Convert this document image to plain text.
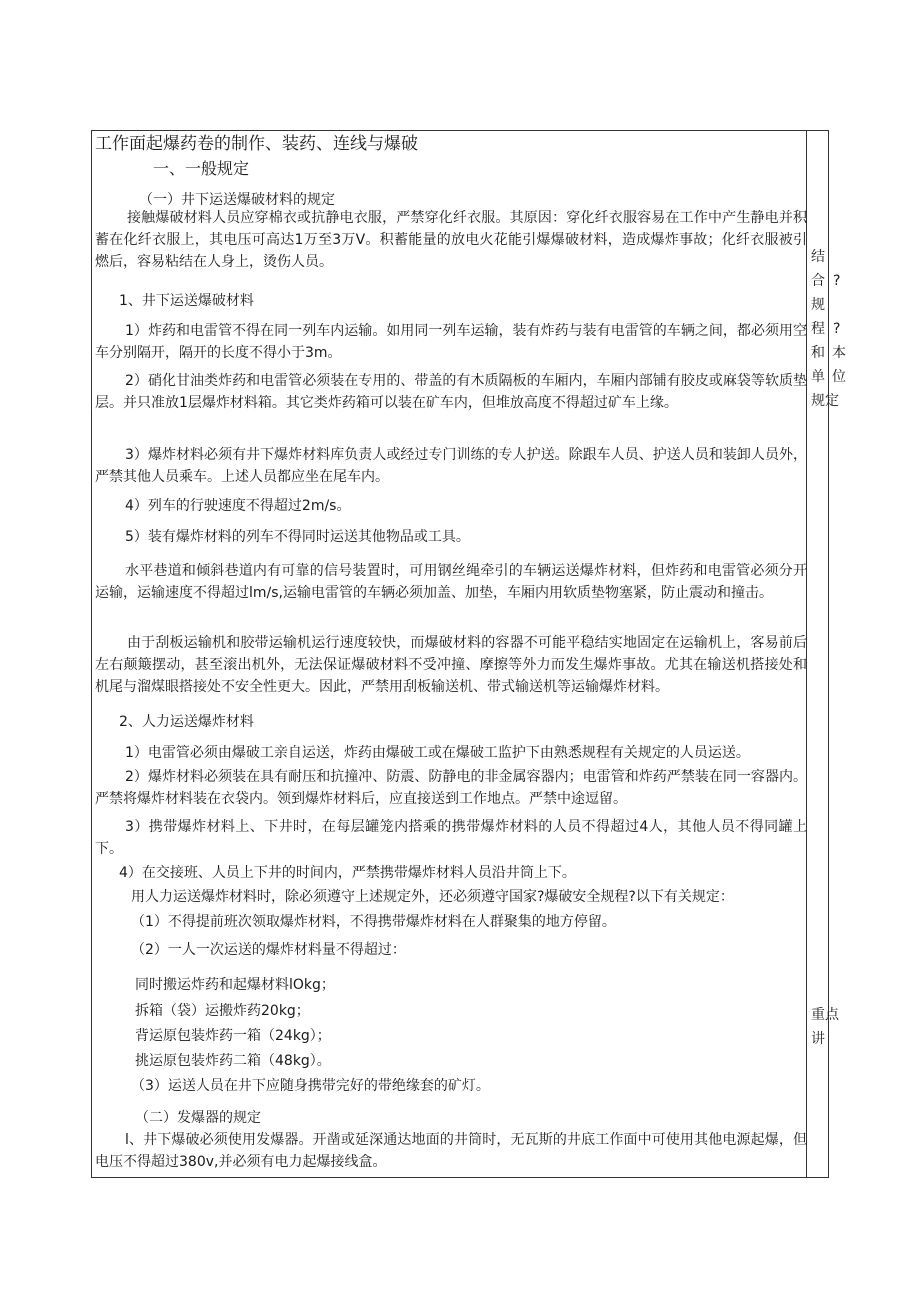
工作面起爆药卷的制作、装药、连线与爆破
一、一般规定
（一）井下运送爆破材料的规定
接触爆破材料人员应穿棉衣或抗静电衣服，严禁穿化纤衣服。其原因：穿化纤衣服容易在工作中产生静电并积蓄在化纤衣服上，其电压可高达1万至3万V。积蓄能量的放电火花能引爆爆破材料，造成爆炸事故；化纤衣服被引燃后，容易粘结在人身上，烫伤人员。
1、井下运送爆破材料
1）炸药和电雷管不得在同一列车内运输。如用同一列车运输，装有炸药与装有电雷管的车辆之间，都必须用空车分别隔开，隔开的长度不得小于3m。
2）硝化甘油类炸药和电雷管必须装在专用的、带盖的有木质隔板的车厢内，车厢内部铺有胶皮或麻袋等软质垫层。并只准放1层爆炸材料箱。其它类炸药箱可以装在矿车内，但堆放高度不得超过矿车上缘。
3）爆炸材料必须有井下爆炸材料库负责人或经过专门训练的专人护送。除跟车人员、护送人员和装卸人员外，严禁其他人员乘车。上述人员都应坐在尾车内。
4）列车的行驶速度不得超过2m/s。
5）装有爆炸材料的列车不得同时运送其他物品或工具。
水平巷道和倾斜巷道内有可靠的信号装置时，可用钢丝绳牵引的车辆运送爆炸材料，但炸药和电雷管必须分开运输，运输速度不得超过lm∕s,运输电雷管的车辆必须加盖、加垫，车厢内用软质垫物塞紧，防止震动和撞击。
由于刮板运输机和胶带运输机运行速度较快，而爆破材料的容器不可能平稳结实地固定在运输机上，客易前后左右颠簸摆动，甚至滚出机外，无法保证爆破材料不受冲撞、摩擦等外力而发生爆炸事故。尤其在输送机搭接处和机尾与溜煤眼搭接处不安全性更大。因此，严禁用刮板输送机、带式输送机等运输爆炸材料。
2、人力运送爆炸材料
1）电雷管必须由爆破工亲自运送，炸药由爆破工或在爆破工监护下由熟悉规程有关规定的人员运送。
2）爆炸材料必须装在具有耐压和抗撞冲、防震、防静电的非金属容器内；电雷管和炸药严禁装在同一容器内。严禁将爆炸材料装在衣袋内。领到爆炸材料后，应直接送到工作地点。严禁中途逗留。
3）携带爆炸材料上、下井时，在每层罐笼内搭乘的携带爆炸材料的人员不得超过4人，其他人员不得同罐上下。
4）在交接班、人员上下井的时间内，严禁携带爆炸材料人员沿井筒上下。
用人力运送爆炸材料时，除必须遵守上述规定外，还必须遵守国家?爆破安全规程?以下有关规定：
（1）不得提前班次领取爆炸材料，不得携带爆炸材料在人群聚集的地方停留。
（2）一人一次运送的爆炸材料量不得超过：
同时搬运炸药和起爆材料lOkg；
拆箱（袋）运搬炸药20kg；
背运原包装炸药一箱（24kg）；
挑运原包装炸药二箱（48kg）。
（3）运送人员在井下应随身携带完好的带绝缘套的矿灯。
（二）发爆器的规定
l、井下爆破必须使用发爆器。开凿或延深通达地面的井筒时，无瓦斯的井底工作面中可使用其他电源起爆，但电压不得超过380v,并必须有电力起爆接线盒。
结
合 ?
规
程 ?
和 本
单 位
规定
重点
讲
